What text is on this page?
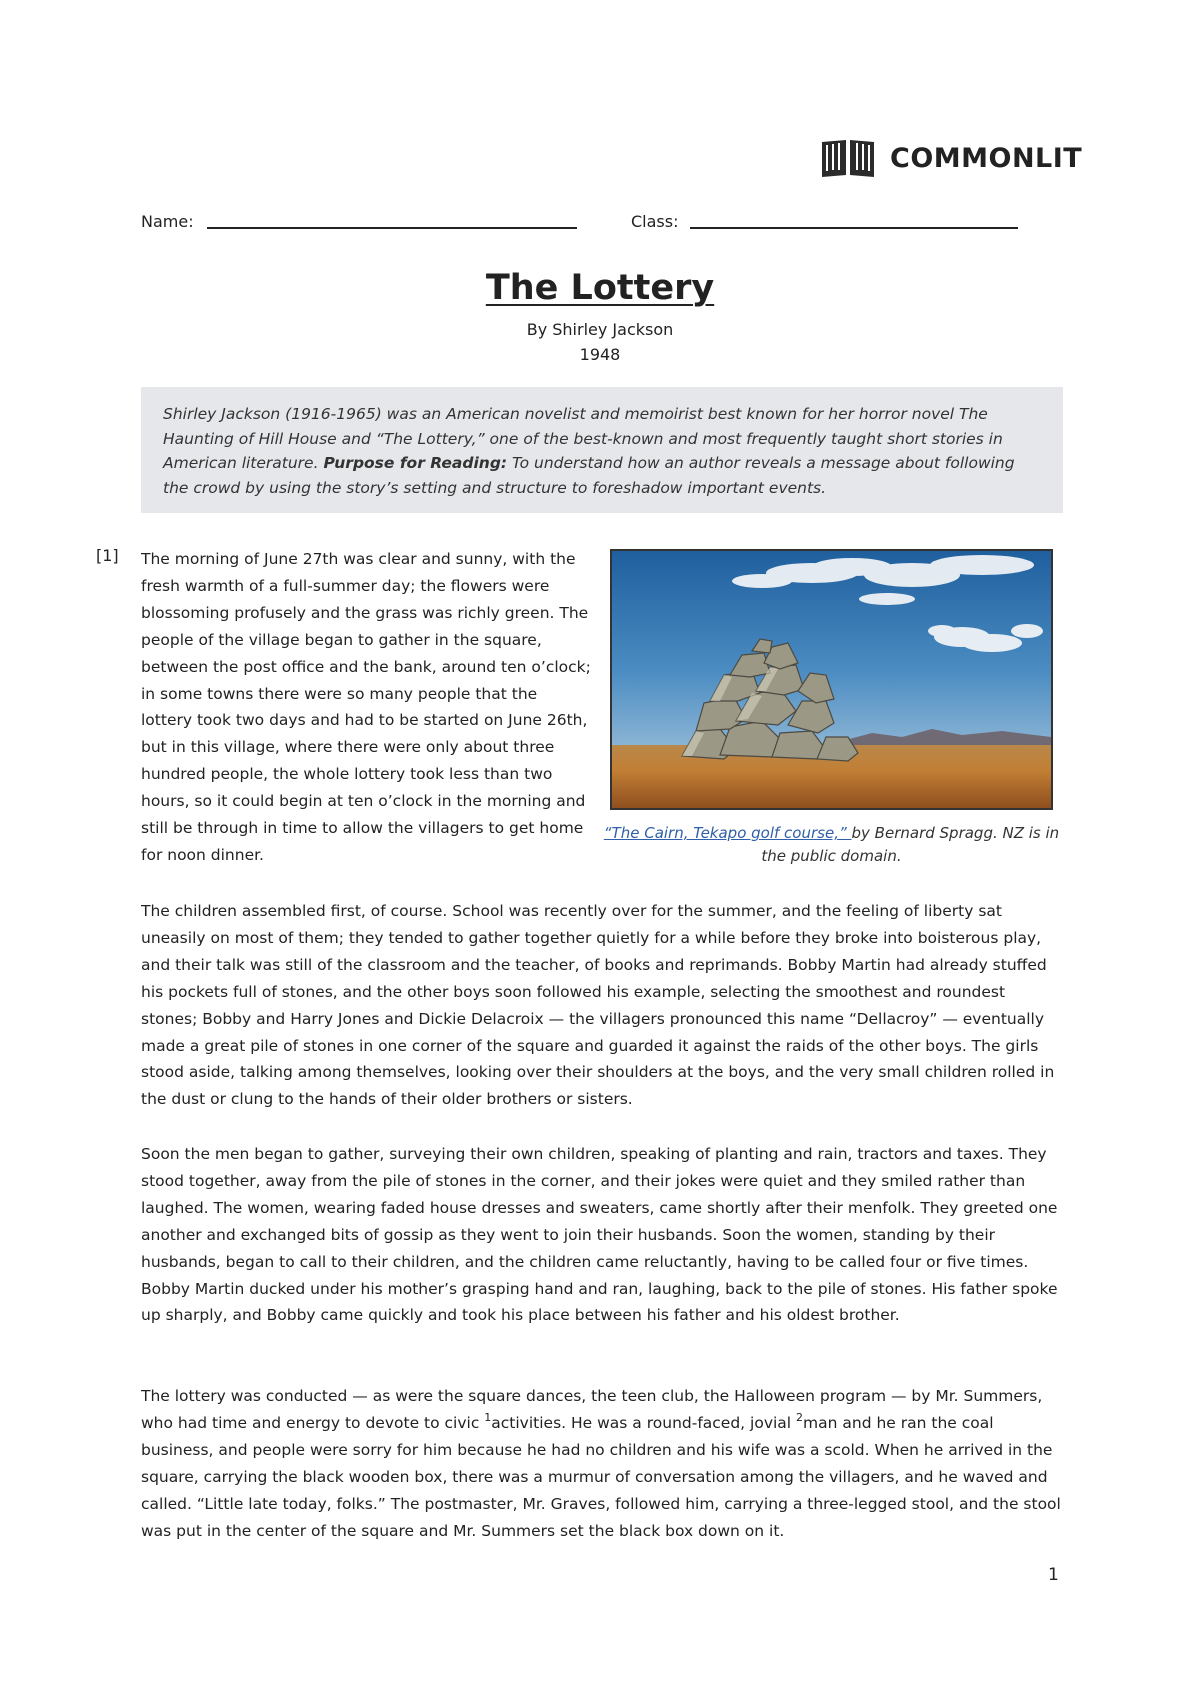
COMMONLIT
Name:	Class:
The Lottery
By Shirley Jackson
1948
Shirley Jackson (1916-1965) was an American novelist and memoirist best known for her horror novel The Haunting of Hill House and “The Lottery,” one of the best-known and most frequently taught short stories in American literature. Purpose for Reading: To understand how an author reveals a message about following the crowd by using the story’s setting and structure to foreshadow important events.
[1] The morning of June 27th was clear and sunny, with the fresh warmth of a full-summer day; the flowers were blossoming profusely and the grass was richly green. The people of the village began to gather in the square, between the post office and the bank, around ten o’clock; in some towns there were so many people that the lottery took two days and had to be started on June 26th, but in this village, where there were only about three hundred people, the whole lottery took less than two hours, so it could begin at ten o’clock in the morning and still be through in time to allow the villagers to get home for noon dinner.
“The Cairn, Tekapo golf course,” by Bernard Spragg. NZ is in the public domain.
The children assembled first, of course. School was recently over for the summer, and the feeling of liberty sat uneasily on most of them; they tended to gather together quietly for a while before they broke into boisterous play, and their talk was still of the classroom and the teacher, of books and reprimands. Bobby Martin had already stuffed his pockets full of stones, and the other boys soon followed his example, selecting the smoothest and roundest stones; Bobby and Harry Jones and Dickie Delacroix — the villagers pronounced this name “Dellacroy” — eventually made a great pile of stones in one corner of the square and guarded it against the raids of the other boys. The girls stood aside, talking among themselves, looking over their shoulders at the boys, and the very small children rolled in the dust or clung to the hands of their older brothers or sisters.
Soon the men began to gather, surveying their own children, speaking of planting and rain, tractors and taxes. They stood together, away from the pile of stones in the corner, and their jokes were quiet and they smiled rather than laughed. The women, wearing faded house dresses and sweaters, came shortly after their menfolk. They greeted one another and exchanged bits of gossip as they went to join their husbands. Soon the women, standing by their husbands, began to call to their children, and the children came reluctantly, having to be called four or five times. Bobby Martin ducked under his mother’s grasping hand and ran, laughing, back to the pile of stones. His father spoke up sharply, and Bobby came quickly and took his place between his father and his oldest brother.
The lottery was conducted — as were the square dances, the teen club, the Halloween program — by Mr. Summers, who had time and energy to devote to civic $^1$activities. He was a round-faced, jovial $^2$man and he ran the coal business, and people were sorry for him because he had no children and his wife was a scold. When he arrived in the square, carrying the black wooden box, there was a murmur of conversation among the villagers, and he waved and called. “Little late today, folks.” The postmaster, Mr. Graves, followed him, carrying a three-legged stool, and the stool was put in the center of the square and Mr. Summers set the black box down on it.
1
